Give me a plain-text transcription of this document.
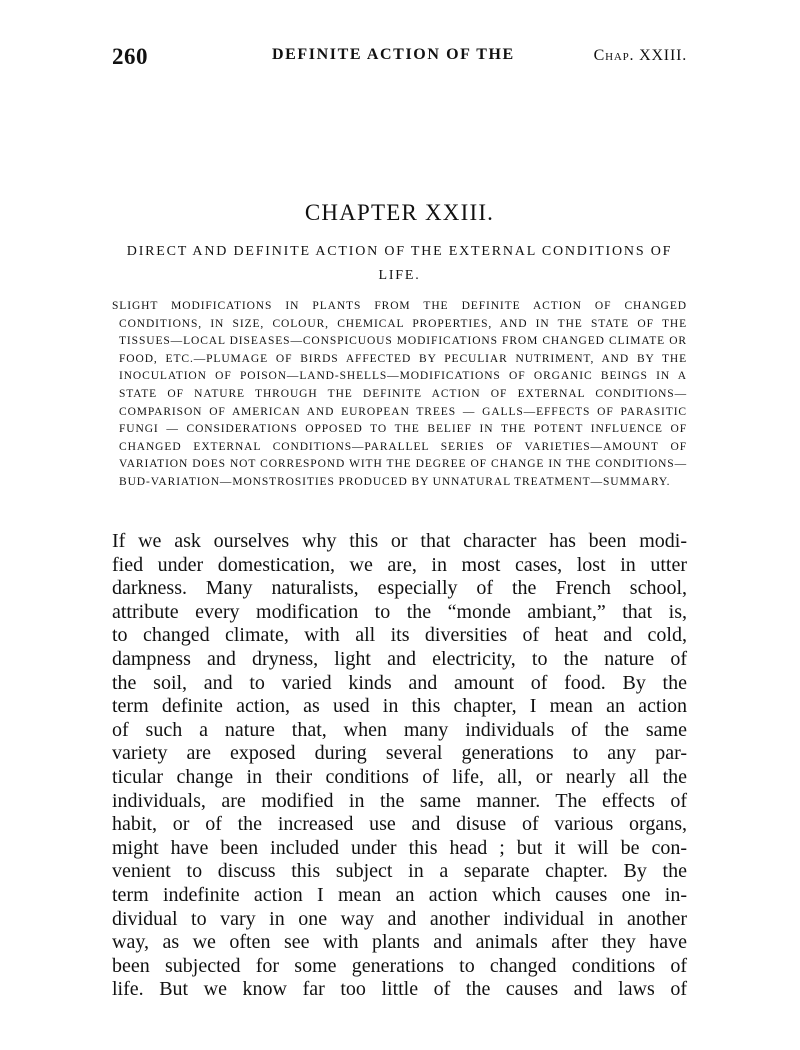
260	DEFINITE ACTION OF THE	Chap. XXIII.
CHAPTER XXIII.
DIRECT AND DEFINITE ACTION OF THE EXTERNAL CONDITIONS OF LIFE.
SLIGHT MODIFICATIONS IN PLANTS FROM THE DEFINITE ACTION OF CHANGED CONDITIONS, IN SIZE, COLOUR, CHEMICAL PROPERTIES, AND IN THE STATE OF THE TISSUES—LOCAL DISEASES—CONSPICUOUS MODIFICATIONS FROM CHANGED CLIMATE OR FOOD, ETC.—PLUMAGE OF BIRDS AFFECTED BY PECULIAR NUTRIMENT, AND BY THE INOCULATION OF POISON—LAND-SHELLS—MODIFICATIONS OF ORGANIC BEINGS IN A STATE OF NATURE THROUGH THE DEFINITE ACTION OF EXTERNAL CONDITIONS—COMPARISON OF AMERICAN AND EUROPEAN TREES — GALLS—EFFECTS OF PARASITIC FUNGI — CONSIDERATIONS OPPOSED TO THE BELIEF IN THE POTENT INFLUENCE OF CHANGED EXTERNAL CONDITIONS—PARALLEL SERIES OF VARIETIES—AMOUNT OF VARIATION DOES NOT CORRESPOND WITH THE DEGREE OF CHANGE IN THE CONDITIONS—BUD-VARIATION—MONSTROSITIES PRODUCED BY UNNATURAL TREATMENT—SUMMARY.
If we ask ourselves why this or that character has been modi-
fied under domestication, we are, in most cases, lost in utter
darkness. Many naturalists, especially of the French school,
attribute every modification to the “monde ambiant,” that is,
to changed climate, with all its diversities of heat and cold,
dampness and dryness, light and electricity, to the nature of
the soil, and to varied kinds and amount of food. By the
term definite action, as used in this chapter, I mean an action
of such a nature that, when many individuals of the same
variety are exposed during several generations to any par-
ticular change in their conditions of life, all, or nearly all the
individuals, are modified in the same manner. The effects of
habit, or of the increased use and disuse of various organs,
might have been included under this head ; but it will be con-
venient to discuss this subject in a separate chapter. By the
term indefinite action I mean an action which causes one in-
dividual to vary in one way and another individual in another
way, as we often see with plants and animals after they have
been subjected for some generations to changed conditions of
life. But we know far too little of the causes and laws of
